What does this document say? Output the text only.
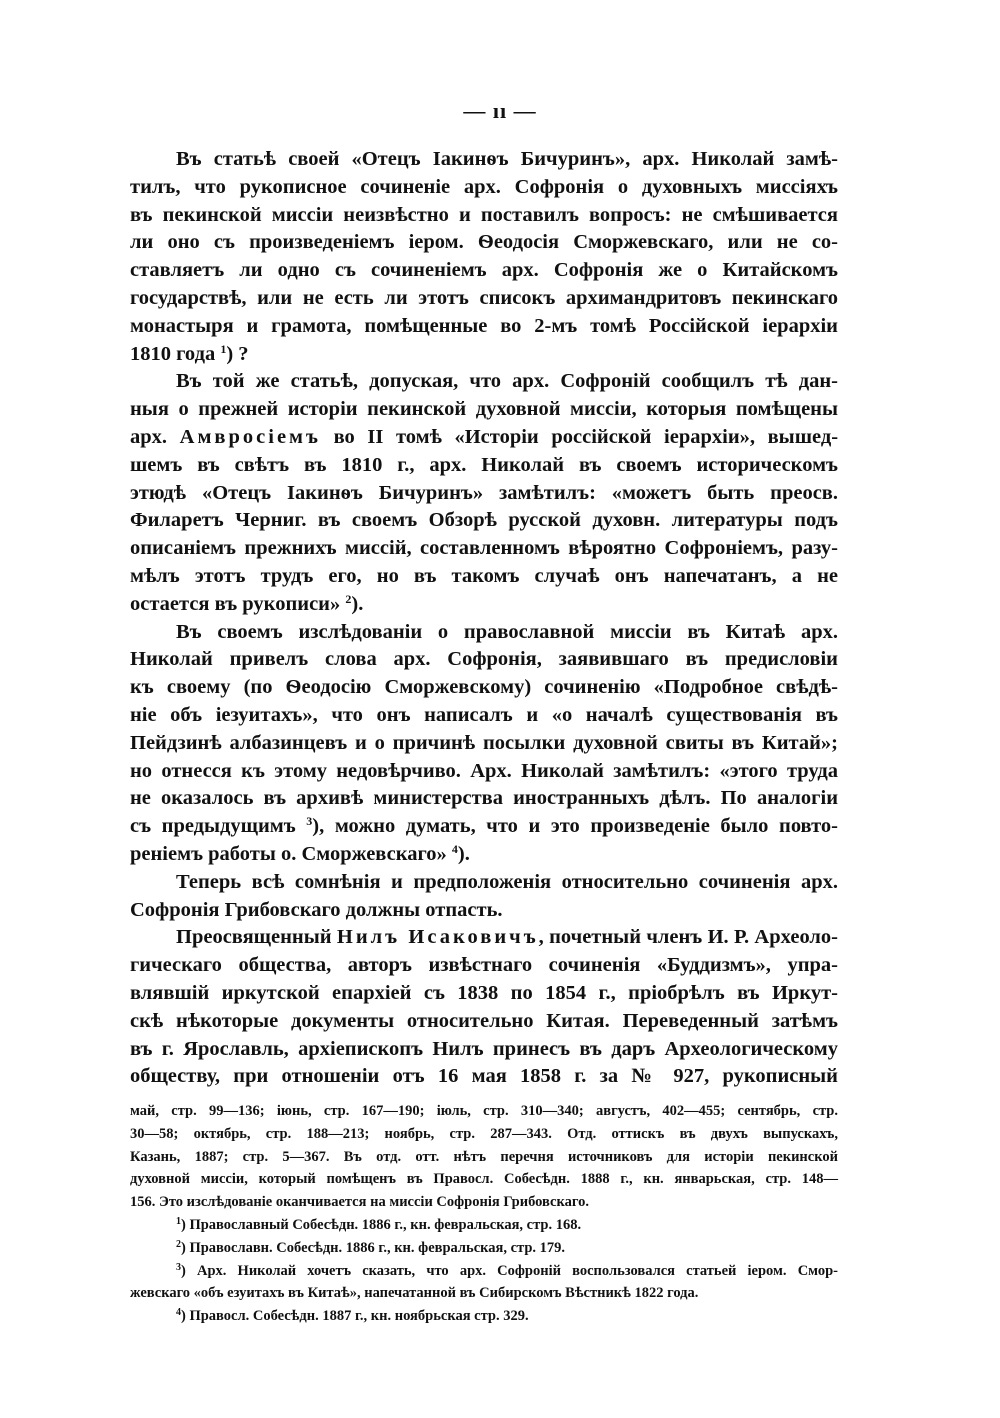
— ıı —
Въ статьѣ своей «Отецъ Іакинѳъ Бичуринъ», арх. Николай замѣ-
тилъ, что рукописное сочиненіе арх. Софронія о духовныхъ миссіяхъ
въ пекинской миссіи неизвѣстно и поставилъ вопросъ: не смѣшивается
ли оно съ произведеніемъ іером. Ѳеодосія Сморжевскаго, или не со-
ставляетъ ли одно съ сочиненіемъ арх. Софронія же о Китайскомъ
государствѣ, или не есть ли этотъ списокъ архимандритовъ пекинскаго
монастыря и грамота, помѣщенные во 2-мъ томѣ Россійской іерархіи
1810 года $^1$) ?
Въ той же статьѣ, допуская, что арх. Софроній сообщилъ тѣ дан-
ныя о прежней исторіи пекинской духовной миссіи, которыя помѣщены
арх. Амвросіемъ во II томѣ «Исторіи россійской іерархіи», вышед-
шемъ въ свѣтъ въ 1810 г., арх. Николай въ своемъ историческомъ
этюдѣ «Отецъ Іакинѳъ Бичуринъ» замѣтилъ: «можетъ быть преосв.
Филаретъ Черниг. въ своемъ Обзорѣ русской духовн. литературы подъ
описаніемъ прежнихъ миссій, составленномъ вѣроятно Софроніемъ, разу-
мѣлъ этотъ трудъ его, но въ такомъ случаѣ онъ напечатанъ, а не
остается въ рукописи» $^2$).
Въ своемъ изслѣдованіи о православной миссіи въ Китаѣ арх.
Николай привелъ слова арх. Софронія, заявившаго въ предисловіи
къ своему (по Ѳеодосію Сморжевскому) сочиненію «Подробное свѣдѣ-
ніе объ іезуитахъ», что онъ написалъ и «о началѣ существованія въ
Пейдзинѣ албазинцевъ и о причинѣ посылки духовной свиты въ Китай»;
но отнесся къ этому недовѣрчиво. Арх. Николай замѣтилъ: «этого труда
не оказалось въ архивѣ министерства иностранныхъ дѣлъ. По аналогіи
съ предыдущимъ $^3$), можно думать, что и это произведеніе было повто-
реніемъ работы о. Сморжевскаго» $^4$).
Теперь всѣ сомнѣнія и предположенія относительно сочиненія арх.
Софронія Грибовскаго должны отпасть.
Преосвященный Нилъ Исаковичъ, почетный членъ И. Р. Археоло-
гическаго общества, авторъ извѣстнаго сочиненія «Буддизмъ», упра-
влявшій иркутской епархіей съ 1838 по 1854 г., пріобрѣлъ въ Иркут-
скѣ нѣкоторые документы относительно Китая. Переведенный затѣмъ
въ г. Ярославль, архіепископъ Нилъ принесъ въ даръ Археологическому
обществу, при отношеніи отъ 16 мая 1858 г. за № 927, рукописный
май, стр. 99—136; іюнь, стр. 167—190; іюль, стр. 310—340; августъ, 402—455; сентябрь, стр.
30—58; октябрь, стр. 188—213; ноябрь, стр. 287—343. Отд. оттискъ въ двухъ выпускахъ,
Казань, 1887; стр. 5—367. Въ отд. отт. нѣтъ перечня источниковъ для исторіи пекинской
духовной миссіи, который помѣщенъ въ Правосл. Собесѣдн. 1888 г., кн. январьская, стр. 148—
156. Это изслѣдованіе оканчивается на миссіи Софронія Грибовскаго.
$^1$) Православный Собесѣдн. 1886 г., кн. февральская, стр. 168.
$^2$) Православн. Собесѣдн. 1886 г., кн. февральская, стр. 179.
$^3$) Арх. Николай хочетъ сказать, что арх. Софроній воспользовался статьей іером. Смор-
жевскаго «объ езуитахъ въ Китаѣ», напечатанной въ Сибирскомъ Вѣстникѣ 1822 года.
$^4$) Правосл. Собесѣдн. 1887 г., кн. ноябрьская стр. 329.
